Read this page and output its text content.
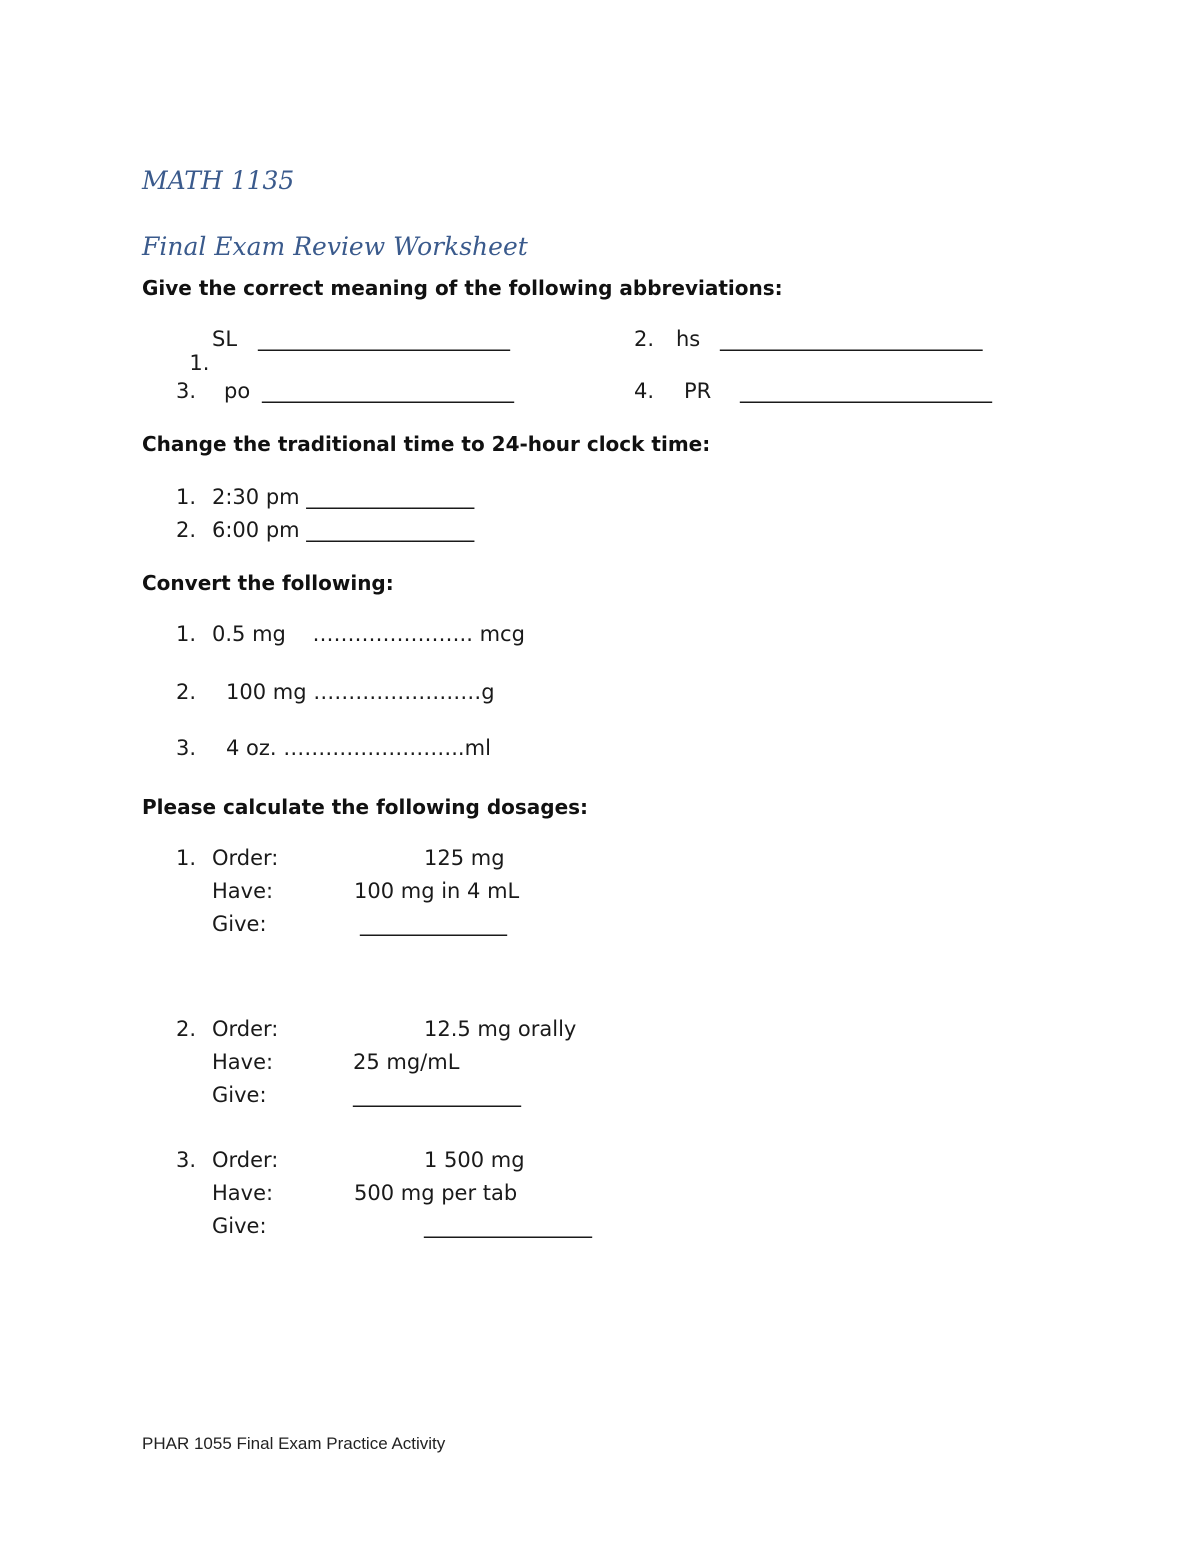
MATH 1135
Final Exam Review Worksheet
Give the correct meaning of the following abbreviations:

1.

SL ________________________	2. hs _________________________
3. po ________________________	4. PR ________________________
Change the traditional time to 24-hour clock time:
1. 2:30 pm ________________
2. 6:00 pm ________________
Convert the following:
1. 0.5 mg    ………………….. mcg
2. 100 mg ……………………g
3. 4 oz. ……………………..ml
Please calculate the following dosages:
1. Order:	125 mg
Have:	100 mg in 4 mL
Give:	______________
2. Order:	12.5 mg orally
Have:	25 mg/mL
Give:	________________
3. Order:	1 500 mg
Have:	500 mg per tab
Give:	________________
PHAR 1055 Final Exam Practice Activity
